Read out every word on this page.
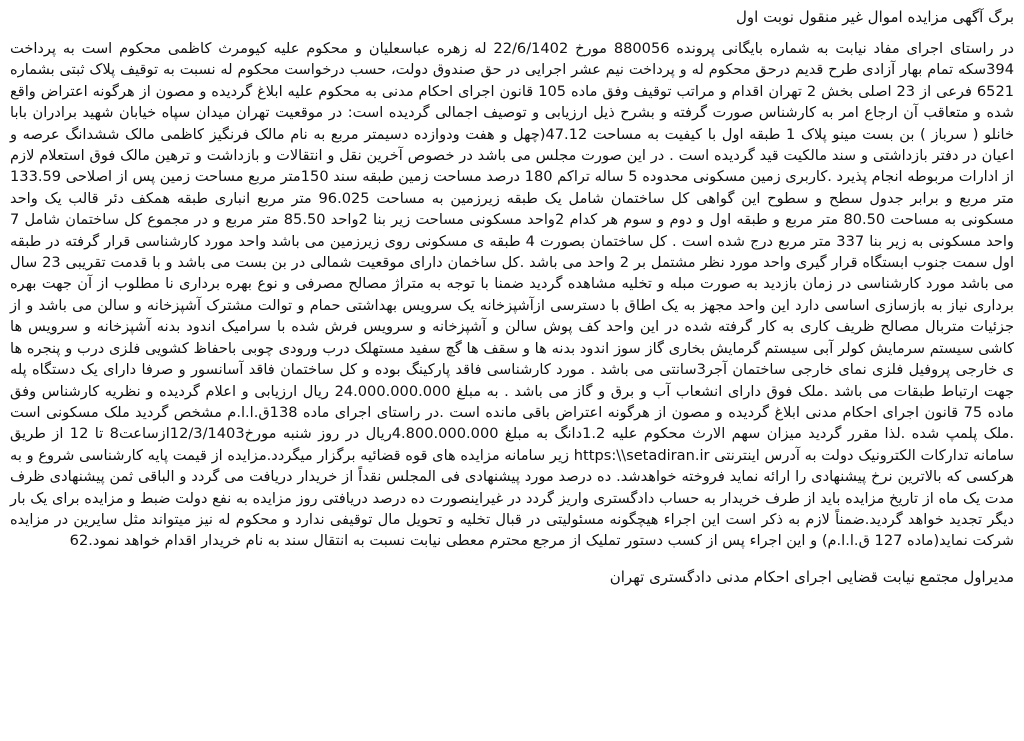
برگ آگهی مزایده اموال غیر منقول نوبت اول

در راستای اجرای مفاد نیابت به شماره بایگانی پرونده 880056 مورخ 22/6/1402 له زهره عباسعلیان و محکوم علیه کیومرث کاظمی محکوم است به پرداخت 394سکه تمام بهار آزادی طرح قدیم درحق محکوم له و پرداخت نیم عشر اجرایی در حق صندوق دولت، حسب درخواست محکوم له نسبت به توقیف پلاک ثبتی بشماره 6521 فرعی از 23 اصلی بخش 2 تهران اقدام و مراتب توقیف وفق ماده 105 قانون اجرای احکام مدنی به محکوم علیه ابلاغ گردیده و مصون از هرگونه اعتراض واقع شده و متعاقب آن ارجاع امر به کارشناس صورت گرفته و بشرح ذیل ارزیابی و توصیف اجمالی گردیده است: در موقعیت تهران میدان سپاه خیابان شهید برادران بابا خانلو ( سرباز ) بن بست مینو پلاک 1 طبقه اول با کیفیت به مساحت 47.12(چهل و هفت ودوازده دسیمتر مربع به نام مالک فرنگیز کاظمی مالک ششدانگ عرصه و اعیان در دفتر بازداشتی و سند مالکیت قید گردیده است . در این صورت مجلس می باشد در خصوص آخرین نقل و انتقالات و بازداشت و ترهین مالک فوق استعلام لازم از ادارات مربوطه انجام پذیرد .کاربری زمین مسکونی محدوده 5 ساله تراکم 180 درصد مساحت زمین طبقه سند 150متر مربع مساحت زمین پس از اصلاحی 133.59 متر مربع و برابر جدول سطح و سطوح این گواهی کل ساختمان شامل یک طبقه زیرزمین به مساحت 96.025 متر مربع انباری طبقه همکف دئر قالب یک واحد مسکونی به مساحت 80.50 متر مربع و طبقه اول و دوم و سوم هر کدام 2واحد مسکونی مساحت زیر بنا 2واحد 85.50 متر مربع و در مجموع کل ساختمان شامل 7 واحد مسکونی به زیر بنا 337 متر مربع درج شده است . کل ساختمان بصورت 4 طبقه ی مسکونی روی زیرزمین می باشد واحد مورد کارشناسی قرار گرفته در طبقه اول سمت جنوب ابستگاه قرار گیری واحد مورد نظر مشتمل بر 2 واحد می باشد .کل ساخمان دارای موقعیت شمالی در بن بست می باشد و با قدمت تقریبی 23 سال می باشد مورد کارشناسی در زمان بازدید به صورت مبله و تخلیه مشاهده گردید ضمنا با توجه به متراژ مصالح مصرفی و نوع بهره برداری نا مطلوب از آن جهت بهره برداری نیاز به بازسازی اساسی دارد این واحد مجهز به یک اطاق با دسترسی ازآشپزخانه یک سرویس بهداشتی حمام و توالت مشترک آشپزخانه و سالن می باشد و از جزئیات متربال مصالح ظریف کاری به کار گرفته شده در این واحد کف پوش سالن و آشپزخانه و سرویس فرش شده با سرامیک اندود بدنه آشپزخانه و سرویس ها کاشی سیستم سرمایش کولر آبی سیستم گرمایش بخاری گاز سوز اندود بدنه ها و سقف ها گچ سفید مستهلک درب ورودی چوبی باحفاظ کشویی فلزی درب و پنجره ها ی خارجی پروفیل فلزی نمای خارجی ساختمان آجر3سانتی می باشد . مورد کارشناسی فاقد پارکینگ بوده و کل ساختمان فاقد آسانسور و صرفا دارای یک دستگاه پله جهت ارتباط طبقات می باشد .ملک فوق دارای انشعاب آب و برق و گاز می باشد . به مبلغ 24.000.000.000 ریال ارزیابی و اعلام گردیده و نظریه کارشناس وفق ماده 75 قانون اجرای احکام مدنی ابلاغ گردیده و مصون از هرگونه اعتراض باقی مانده است .در راستای اجرای ماده 138ق.ا.ا.م مشخص گردید ملک مسکونی است .ملک پلمپ شده .لذا مقرر گردید میزان سهم الارث محکوم علیه 1.2دانگ به مبلغ 4.800.000.000ریال در روز شنبه مورخ12/3/1403ازساعت8 تا 12 از طریق سامانه تدارکات الکترونیک دولت به آدرس اینترنتی https:\\setadiran.ir زیر سامانه مزایده های قوه قضائیه برگزار میگردد.مزایده از قیمت پایه کارشناسی شروع و به هرکسی که بالاترین نرخ پیشنهادی را ارائه نماید فروخته خواهدشد. ده درصد مورد پیشنهادی فی المجلس نقداً از خریدار دریافت می گردد و الباقی ثمن پیشنهادی ظرف مدت یک ماه از تاریخ مزایده باید از طرف خریدار به حساب دادگستری واریز گردد در غیراینصورت ده درصد دریافتی روز مزایده به نفع دولت ضبط و مزایده برای یک بار دیگر تجدید خواهد گردید.ضمناً لازم به ذکر است این اجراء هیچگونه مسئولیتی در قبال تخلیه و تحویل مال توقیفی ندارد و محکوم له نیز میتواند مثل سایرین در مزایده شرکت نماید(ماده 127 ق.ا.ا.م) و این اجراء پس از کسب دستور تملیک از مرجع محترم معطی نیابت نسبت به انتقال سند به نام خریدار اقدام خواهد نمود.62

مدیراول مجتمع نیابت قضایی اجرای احکام مدنی دادگستری تهران
